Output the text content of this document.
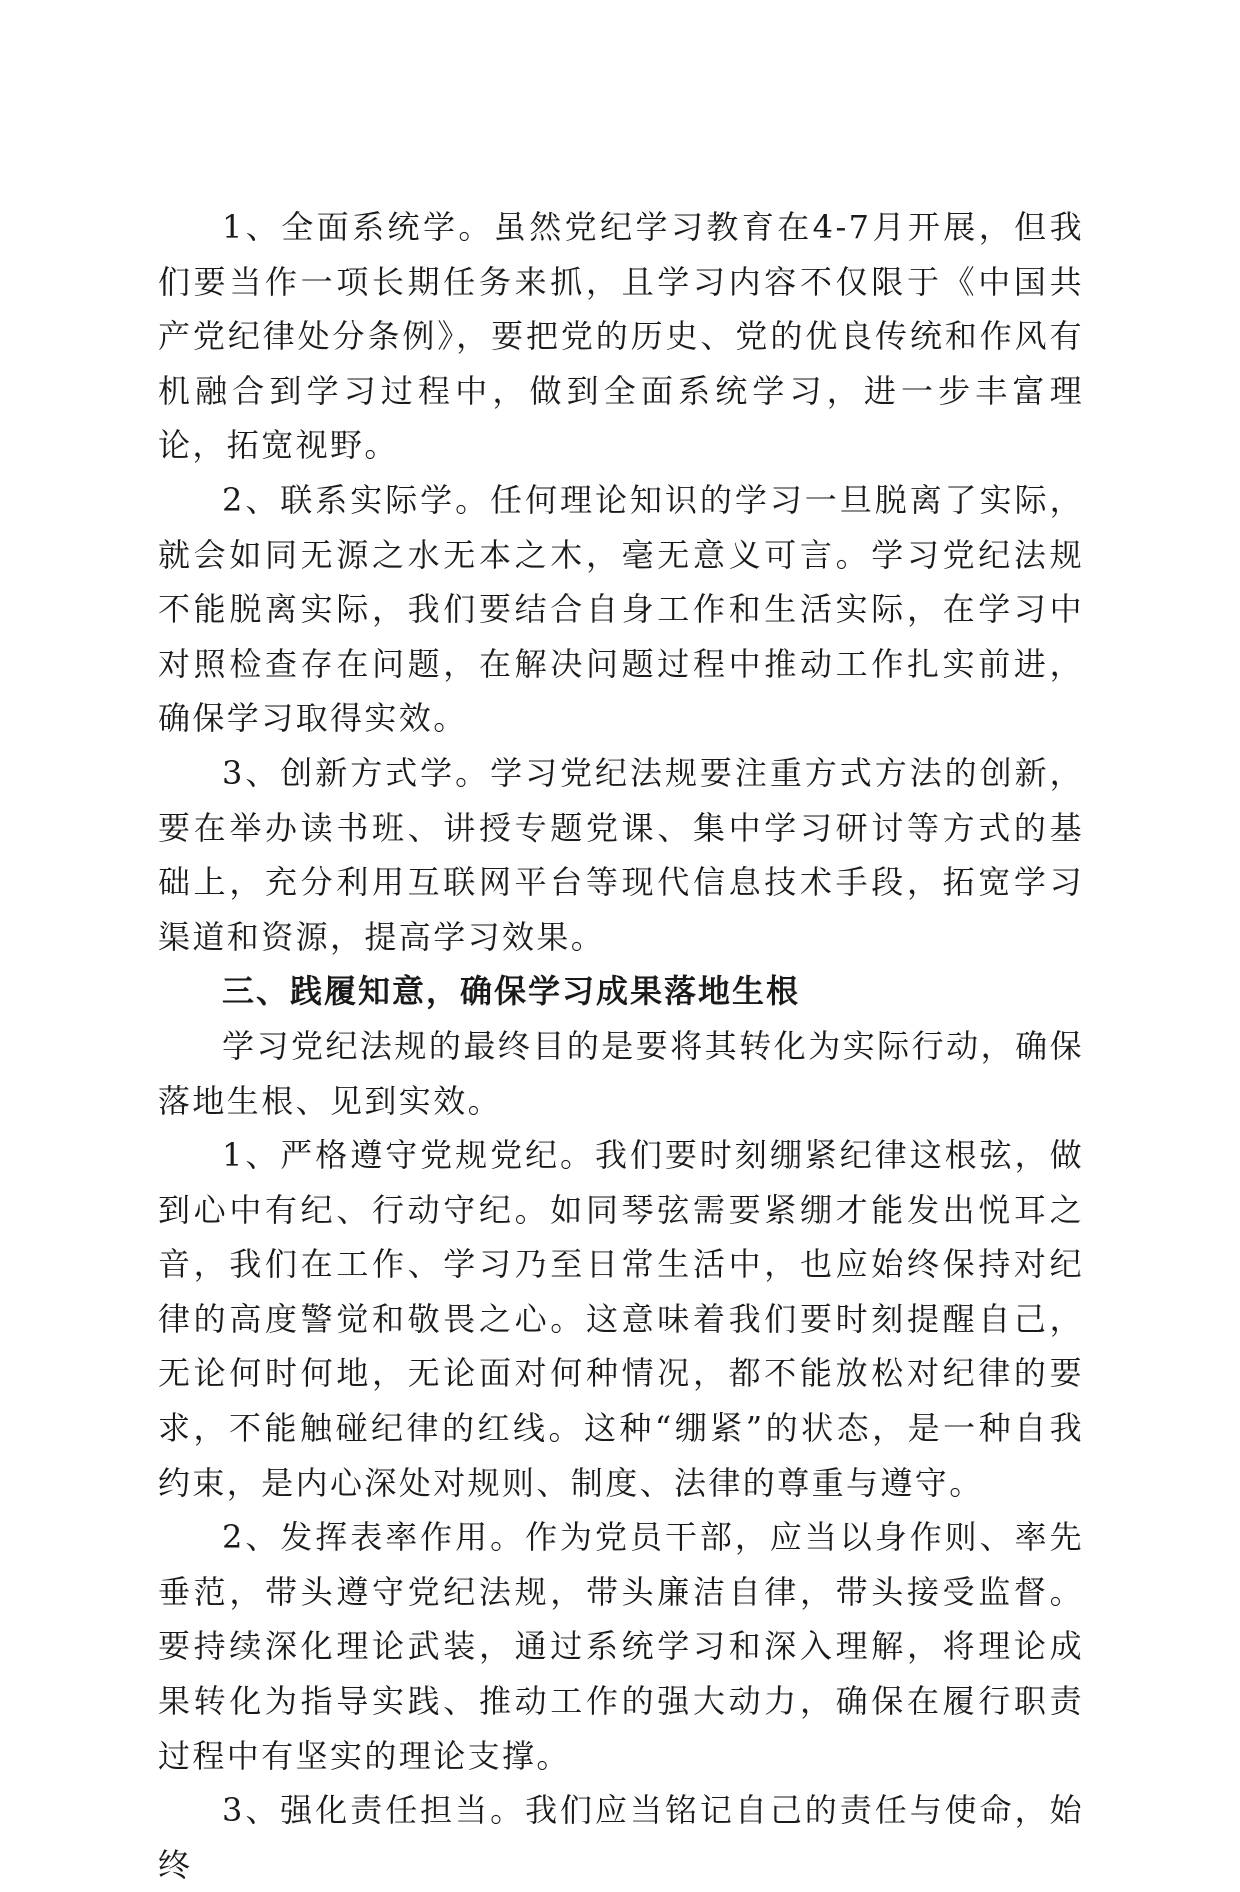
1、全面系统学。虽然党纪学习教育在4-7月开展，但我们要当作一项长期任务来抓，且学习内容不仅限于《中国共产党纪律处分条例》，要把党的历史、党的优良传统和作风有机融合到学习过程中，做到全面系统学习，进一步丰富理论，拓宽视野。

2、联系实际学。任何理论知识的学习一旦脱离了实际，就会如同无源之水无本之木，毫无意义可言。学习党纪法规不能脱离实际，我们要结合自身工作和生活实际，在学习中对照检查存在问题，在解决问题过程中推动工作扎实前进，确保学习取得实效。

3、创新方式学。学习党纪法规要注重方式方法的创新，要在举办读书班、讲授专题党课、集中学习研讨等方式的基础上，充分利用互联网平台等现代信息技术手段，拓宽学习渠道和资源，提高学习效果。

三、践履知意，确保学习成果落地生根

学习党纪法规的最终目的是要将其转化为实际行动，确保落地生根、见到实效。

1、严格遵守党规党纪。我们要时刻绷紧纪律这根弦，做到心中有纪、行动守纪。如同琴弦需要紧绷才能发出悦耳之音，我们在工作、学习乃至日常生活中，也应始终保持对纪律的高度警觉和敬畏之心。这意味着我们要时刻提醒自己，无论何时何地，无论面对何种情况，都不能放松对纪律的要求，不能触碰纪律的红线。这种“绷紧”的状态，是一种自我约束，是内心深处对规则、制度、法律的尊重与遵守。

2、发挥表率作用。作为党员干部，应当以身作则、率先垂范，带头遵守党纪法规，带头廉洁自律，带头接受监督。要持续深化理论武装，通过系统学习和深入理解，将理论成果转化为指导实践、推动工作的强大动力，确保在履行职责过程中有坚实的理论支撑。

3、强化责任担当。我们应当铭记自己的责任与使命，始终
